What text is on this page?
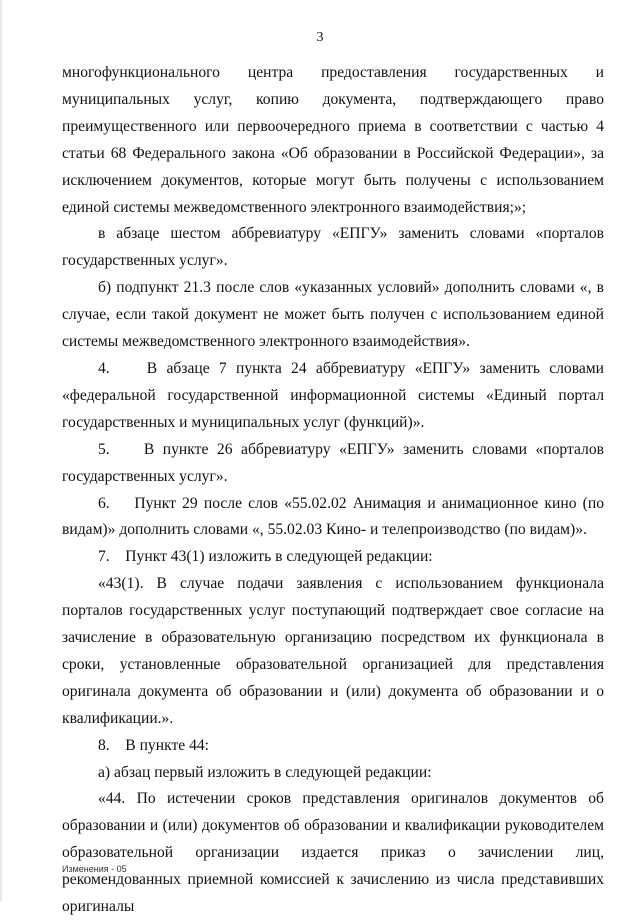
3

многофункционального центра предоставления государственных и муниципальных услуг, копию документа, подтверждающего право преимущественного или первоочередного приема в соответствии с частью 4 статьи 68 Федерального закона «Об образовании в Российской Федерации», за исключением документов, которые могут быть получены с использованием единой системы межведомственного электронного взаимодействия;»;

в абзаце шестом аббревиатуру «ЕПГУ» заменить словами «порталов государственных услуг».

б) подпункт 21.3 после слов «указанных условий» дополнить словами «, в случае, если такой документ не может быть получен с использованием единой системы межведомственного электронного взаимодействия».

4.    В абзаце 7 пункта 24 аббревиатуру «ЕПГУ» заменить словами «федеральной государственной информационной системы «Единый портал государственных и муниципальных услуг (функций)».

5.    В пункте 26 аббревиатуру «ЕПГУ» заменить словами «порталов государственных услуг».

6.    Пункт 29 после слов «55.02.02 Анимация и анимационное кино (по видам)» дополнить словами «, 55.02.03 Кино- и телепроизводство (по видам)».

7.    Пункт 43(1) изложить в следующей редакции:

«43(1). В случае подачи заявления с использованием функционала порталов государственных услуг поступающий подтверждает свое согласие на зачисление в образовательную организацию посредством их функционала в сроки, установленные образовательной организацией для представления оригинала документа об образовании и (или) документа об образовании и о квалификации.».

8.    В пункте 44:

а) абзац первый изложить в следующей редакции:

«44. По истечении сроков представления оригиналов документов об образовании и (или) документов об образовании и квалификации руководителем образовательной организации издается приказ о зачислении лиц, рекомендованных приемной комиссией к зачислению из числа представивших оригиналы

Изменения - 05
